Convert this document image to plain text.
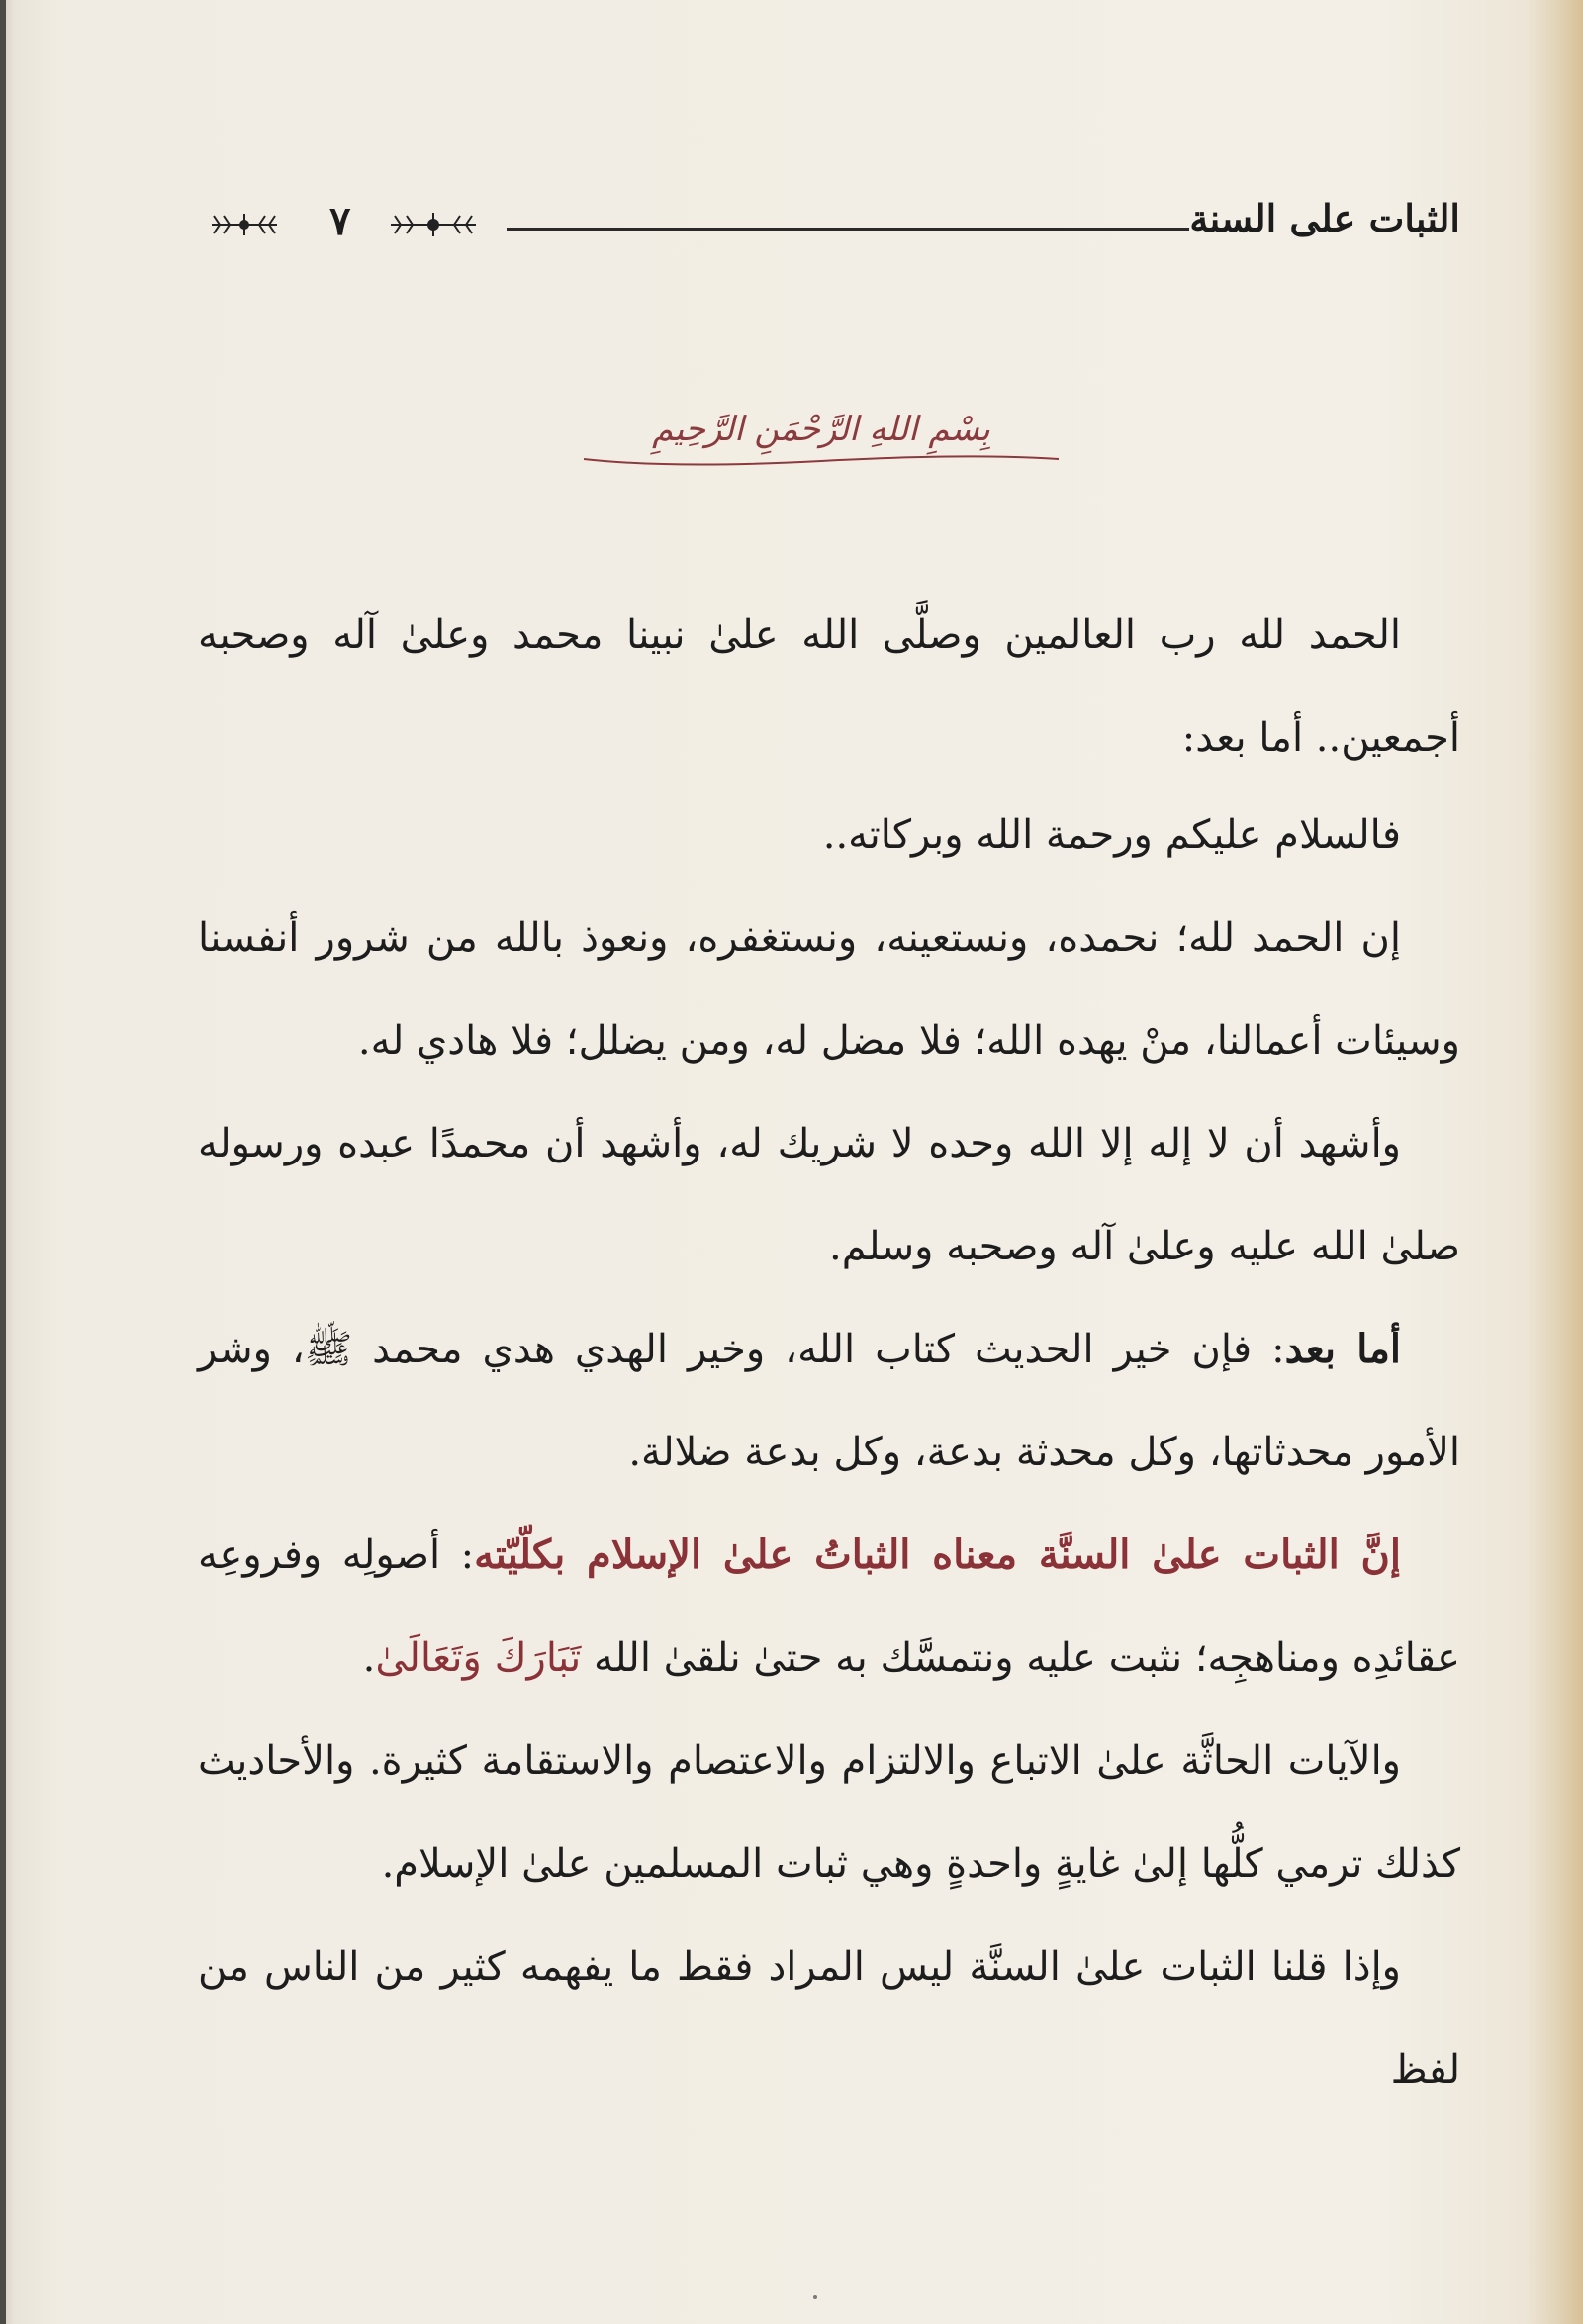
٧	الثبات على السنة
بِسْمِ اللهِ الرَّحْمَنِ الرَّحِيمِ

الحمد لله رب العالمين وصلَّى الله علىٰ نبينا محمد وعلىٰ آله وصحبه أجمعين.. أما بعد:

فالسلام عليكم ورحمة الله وبركاته..

إن الحمد لله؛ نحمده، ونستعينه، ونستغفره، ونعوذ بالله من شرور أنفسنا وسيئات أعمالنا، منْ يهده الله؛ فلا مضل له، ومن يضلل؛ فلا هادي له.

وأشهد أن لا إله إلا الله وحده لا شريك له، وأشهد أن محمدًا عبده ورسوله صلىٰ الله عليه وعلىٰ آله وصحبه وسلم.

أما بعد: فإن خير الحديث كتاب الله، وخير الهدي هدي محمد ﷺ، وشر الأمور محدثاتها، وكل محدثة بدعة، وكل بدعة ضلالة.

إنَّ الثبات علىٰ السنَّة معناه الثباتُ علىٰ الإسلام بكلّيّته: أصولِه وفروعِه عقائدِه ومناهجِه؛ نثبت عليه ونتمسَّك به حتىٰ نلقىٰ الله تَبَارَكَ وَتَعَالَىٰ.

والآيات الحاثَّة علىٰ الاتباع والالتزام والاعتصام والاستقامة كثيرة. والأحاديث كذلك ترمي كلُّها إلىٰ غايةٍ واحدةٍ وهي ثبات المسلمين علىٰ الإسلام.

وإذا قلنا الثبات علىٰ السنَّة ليس المراد فقط ما يفهمه كثير من الناس من لفظ
